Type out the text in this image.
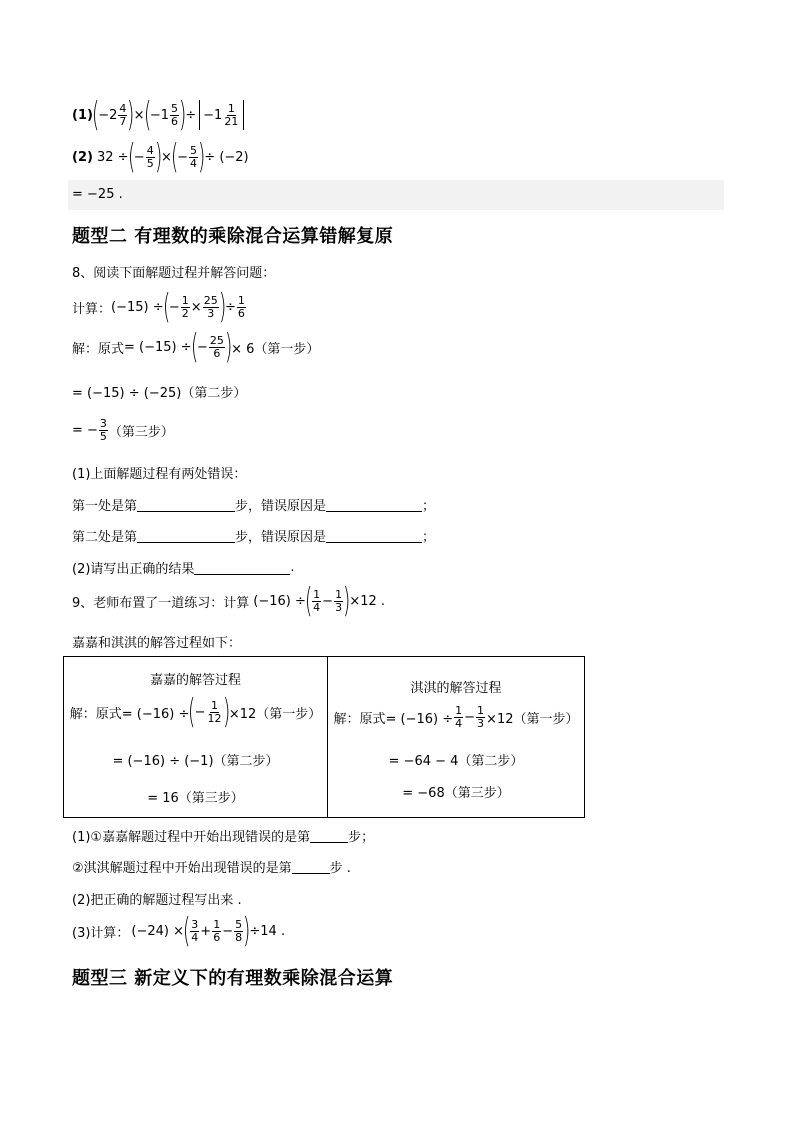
(1)
(
$-2 \frac{4}{7}$ )
×
(
$-1 \frac{5}{6}$ )
÷ $-1 \frac{1}{21}$
(2) 32 ÷
(
− $\frac{4}{5}$ )
×
(
− $\frac{5}{4}$ )
÷ (−2)
= −25 .
题型二 有理数的乘除混合运算错解复原
8、阅读下面解题过程并解答问题：
计算： (−15) ÷
(
− $\frac{1}{2} \times \frac{25}{3}$ )
÷ $\frac{1}{6}$
解：原式 = (−15) ÷
(
− $\frac{25}{6}$ )
× 6（第一步）
= (−15) ÷ (−25)（第二步）
= − $\frac{3}{5}$ （第三步）
(1)上面解题过程有两处错误：
第一处是第	步，错误原因是	；
第二处是第	步，错误原因是	；
(2)请写出正确的结果	.
9、老师布置了一道练习：计算 (−16) ÷
( $\frac{1}{4} - \frac{1}{3}$ )
×12 .
嘉嘉和淇淇的解答过程如下：
嘉嘉的解答过程
解：原式= (−16) ÷
(
− $\frac{1}{12}$ )
×12（第一步）
= (−16) ÷ (−1)（第二步）
= 16（第三步）
淇淇的解答过程
解：原式= $(-16) \div \frac{1}{4} - \frac{1}{3} \times 12$（第一步）
= −64 − 4（第二步）
= −68（第三步）
(1)①嘉嘉解题过程中开始出现错误的是第	步；
②淇淇解题过程中开始出现错误的是第	步 .
(2)把正确的解题过程写出来 .
(3)计算： (−24) ×
( $\frac{3}{4} + \frac{1}{6} - \frac{5}{8}$ )
÷14 .
题型三 新定义下的有理数乘除混合运算
